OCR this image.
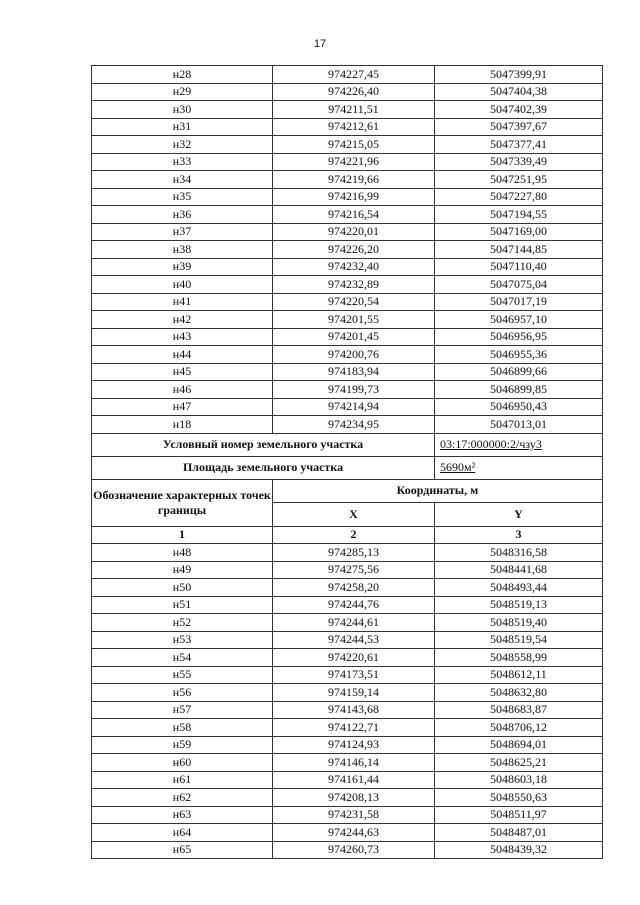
17
н28	974227,45	5047399,91
н29	974226,40	5047404,38
н30	974211,51	5047402,39
н31	974212,61	5047397,67
н32	974215,05	5047377,41
н33	974221,96	5047339,49
н34	974219,66	5047251,95
н35	974216,99	5047227,80
н36	974216,54	5047194,55
н37	974220,01	5047169,00
н38	974226,20	5047144,85
н39	974232,40	5047110,40
н40	974232,89	5047075,04
н41	974220,54	5047017,19
н42	974201,55	5046957,10
н43	974201,45	5046956,95
н44	974200,76	5046955,36
н45	974183,94	5046899,66
н46	974199,73	5046899,85
н47	974214,94	5046950,43
н18	974234,95	5047013,01
Условный номер земельного участка		03:17:000000:2/чзу3
Площадь земельного участка		5690м²
Обозначение характерных точек границы	Координаты, м	
	X	Y
1	2	3
н48	974285,13	5048316,58
н49	974275,56	5048441,68
н50	974258,20	5048493,44
н51	974244,76	5048519,13
н52	974244,61	5048519,40
н53	974244,53	5048519,54
н54	974220,61	5048558,99
н55	974173,51	5048612,11
н56	974159,14	5048632,80
н57	974143,68	5048683,87
н58	974122,71	5048706,12
н59	974124,93	5048694,01
н60	974146,14	5048625,21
н61	974161,44	5048603,18
н62	974208,13	5048550,63
н63	974231,58	5048511,97
н64	974244,63	5048487,01
н65	974260,73	5048439,32
